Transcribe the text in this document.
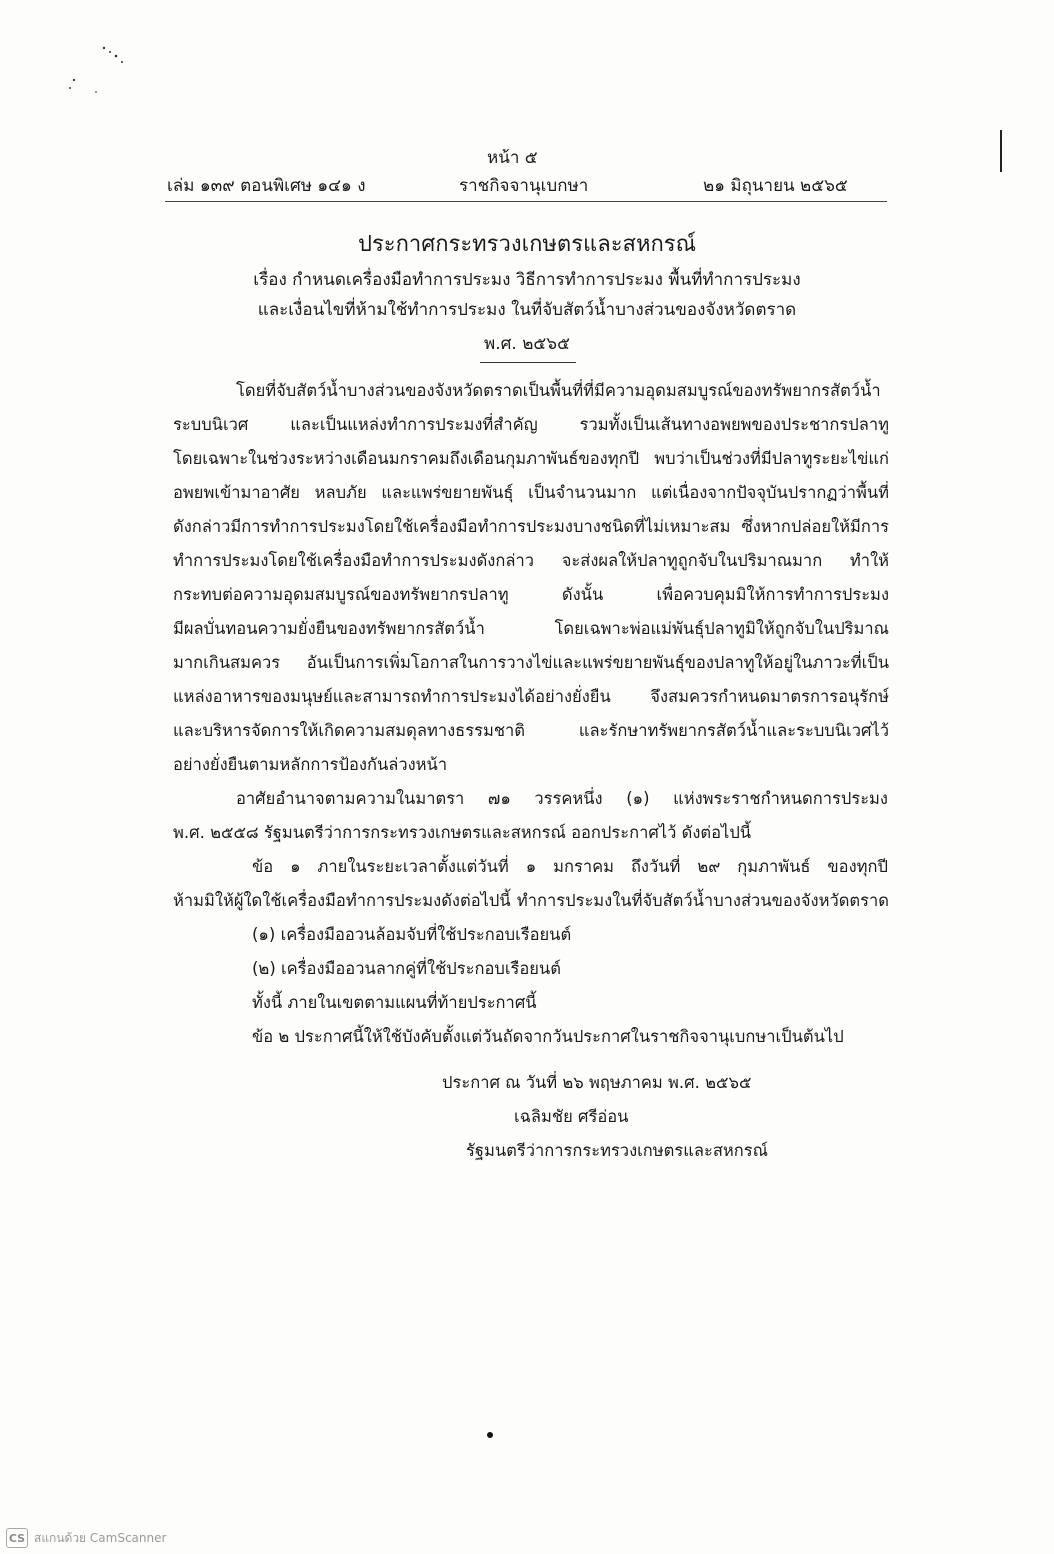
หน้า ๕
เล่ม ๑๓๙ ตอนพิเศษ ๑๔๑ ง	ราชกิจจานุเบกษา	๒๑ มิถุนายน ๒๕๖๕
ประกาศกระทรวงเกษตรและสหกรณ์
เรื่อง กำหนดเครื่องมือทำการประมง วิธีการทำการประมง พื้นที่ทำการประมง
และเงื่อนไขที่ห้ามใช้ทำการประมง ในที่จับสัตว์น้ำบางส่วนของจังหวัดตราด
พ.ศ. ๒๕๖๕
โดยที่จับสัตว์น้ำบางส่วนของจังหวัดตราดเป็นพื้นที่ที่มีความอุดมสมบูรณ์ของทรัพยากรสัตว์น้ำ
ระบบนิเวศ และเป็นแหล่งทำการประมงที่สำคัญ รวมทั้งเป็นเส้นทางอพยพของประชากรปลาทู
โดยเฉพาะในช่วงระหว่างเดือนมกราคมถึงเดือนกุมภาพันธ์ของทุกปี พบว่าเป็นช่วงที่มีปลาทูระยะไข่แก่
อพยพเข้ามาอาศัย หลบภัย และแพร่ขยายพันธุ์ เป็นจำนวนมาก แต่เนื่องจากปัจจุบันปรากฏว่าพื้นที่
ดังกล่าวมีการทำการประมงโดยใช้เครื่องมือทำการประมงบางชนิดที่ไม่เหมาะสม ซึ่งหากปล่อยให้มีการ
ทำการประมงโดยใช้เครื่องมือทำการประมงดังกล่าว จะส่งผลให้ปลาทูถูกจับในปริมาณมาก ทำให้
กระทบต่อความอุดมสมบูรณ์ของทรัพยากรปลาทู ดังนั้น เพื่อควบคุมมิให้การทำการประมง
มีผลบั่นทอนความยั่งยืนของทรัพยากรสัตว์น้ำ โดยเฉพาะพ่อแม่พันธุ์ปลาทูมิให้ถูกจับในปริมาณ
มากเกินสมควร อันเป็นการเพิ่มโอกาสในการวางไข่และแพร่ขยายพันธุ์ของปลาทูให้อยู่ในภาวะที่เป็น
แหล่งอาหารของมนุษย์และสามารถทำการประมงได้อย่างยั่งยืน จึงสมควรกำหนดมาตรการอนุรักษ์
และบริหารจัดการให้เกิดความสมดุลทางธรรมชาติ และรักษาทรัพยากรสัตว์น้ำและระบบนิเวศไว้
อย่างยั่งยืนตามหลักการป้องกันล่วงหน้า
อาศัยอำนาจตามความในมาตรา ๗๑ วรรคหนึ่ง (๑) แห่งพระราชกำหนดการประมง
พ.ศ. ๒๕๕๘ รัฐมนตรีว่าการกระทรวงเกษตรและสหกรณ์ ออกประกาศไว้ ดังต่อไปนี้
ข้อ ๑ ภายในระยะเวลาตั้งแต่วันที่ ๑ มกราคม ถึงวันที่ ๒๙ กุมภาพันธ์ ของทุกปี
ห้ามมิให้ผู้ใดใช้เครื่องมือทำการประมงดังต่อไปนี้ ทำการประมงในที่จับสัตว์น้ำบางส่วนของจังหวัดตราด
(๑) เครื่องมืออวนล้อมจับที่ใช้ประกอบเรือยนต์
(๒) เครื่องมืออวนลากคู่ที่ใช้ประกอบเรือยนต์
ทั้งนี้ ภายในเขตตามแผนที่ท้ายประกาศนี้
ข้อ ๒ ประกาศนี้ให้ใช้บังคับตั้งแต่วันถัดจากวันประกาศในราชกิจจานุเบกษาเป็นต้นไป
ประกาศ ณ วันที่ ๒๖ พฤษภาคม พ.ศ. ๒๕๖๕
เฉลิมชัย ศรีอ่อน
รัฐมนตรีว่าการกระทรวงเกษตรและสหกรณ์
CS สแกนด้วย CamScanner
